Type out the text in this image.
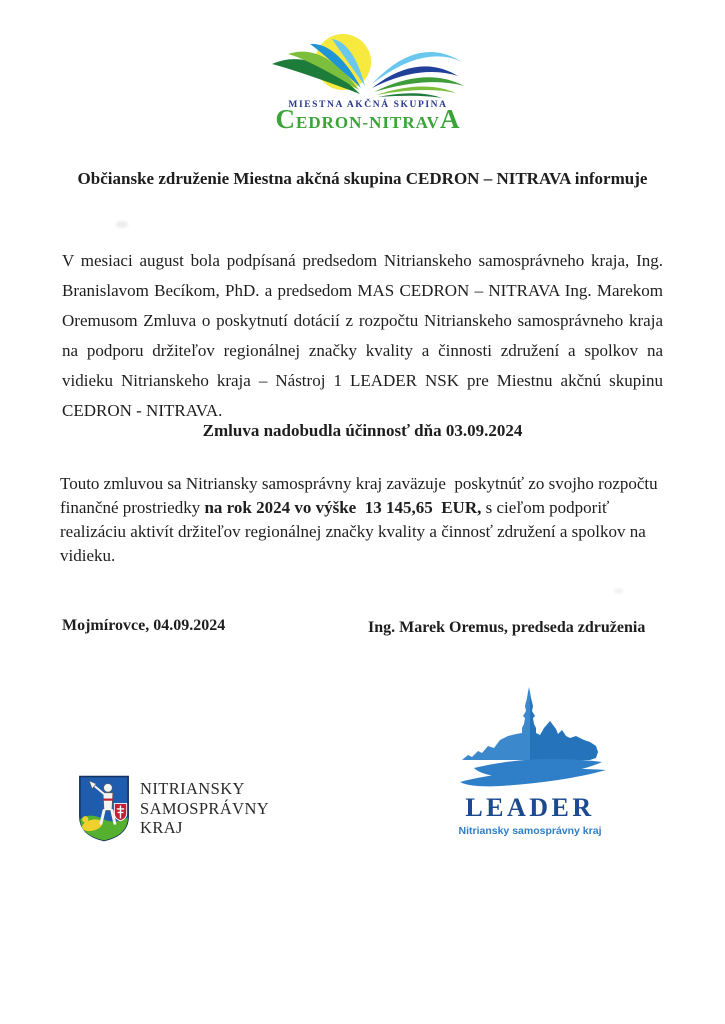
MIESTNA AKČNÁ SKUPINA
CEDRON-NITRAVA
Občianske združenie Miestna akčná skupina CEDRON – NITRAVA informuje
V mesiaci august bola podpísaná predsedom Nitrianskeho samosprávneho kraja, Ing. Branislavom Becíkom, PhD. a predsedom MAS CEDRON – NITRAVA Ing. Marekom Oremusom Zmluva o poskytnutí dotácií z rozpočtu Nitrianskeho samosprávneho kraja na podporu držiteľov regionálnej značky kvality a činnosti združení a spolkov na vidieku Nitrianskeho kraja – Nástroj 1 LEADER NSK pre Miestnu akčnú skupinu CEDRON - NITRAVA.
Zmluva nadobudla účinnosť dňa 03.09.2024
Touto zmluvou sa Nitriansky samosprávny kraj zaväzuje  poskytnúť zo svojho rozpočtu finančné prostriedky na rok 2024 vo výške  13 145,65  EUR, s cieľom podporiť realizáciu aktivít držiteľov regionálnej značky kvality a činnosť združení a spolkov na vidieku.
Mojmírovce, 04.09.2024	Ing. Marek Oremus, predseda združenia
NITRIANSKY
SAMOSPRÁVNY
KRAJ
LEADER
Nitriansky samosprávny kraj
